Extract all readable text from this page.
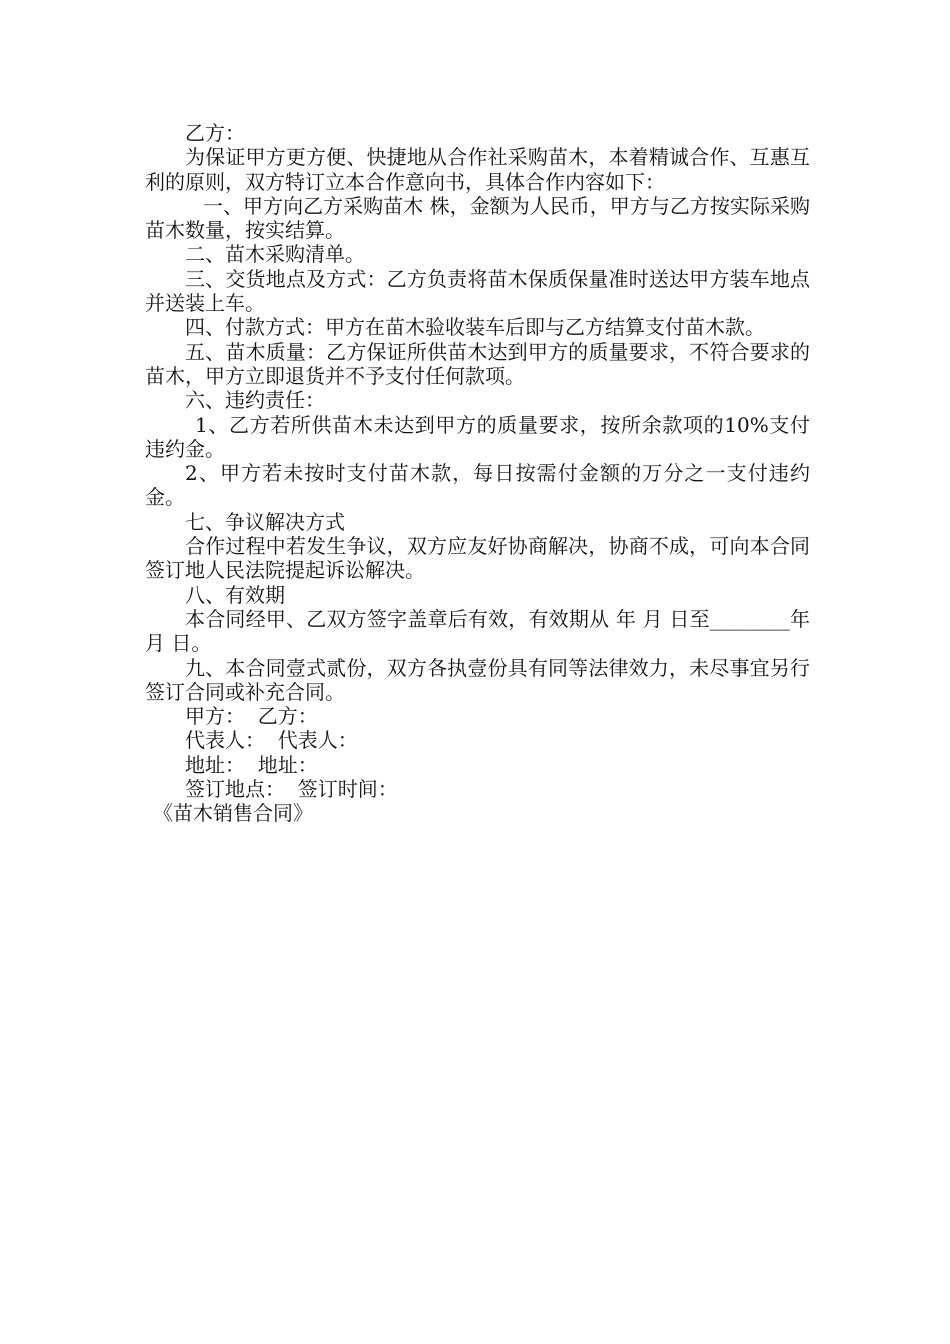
乙方：

为保证甲方更方便、快捷地从合作社采购苗木，本着精诚合作、互惠互利的原则，双方特订立本合作意向书，具体合作内容如下：

一、甲方向乙方采购苗木 株，金额为人民币，甲方与乙方按实际采购苗木数量，按实结算。

二、苗木采购清单。

三、交货地点及方式：乙方负责将苗木保质保量准时送达甲方装车地点并送装上车。

四、付款方式：甲方在苗木验收装车后即与乙方结算支付苗木款。

五、苗木质量：乙方保证所供苗木达到甲方的质量要求，不符合要求的苗木，甲方立即退货并不予支付任何款项。

六、违约责任：

1、乙方若所供苗木未达到甲方的质量要求，按所余款项的10%支付违约金。

2、甲方若未按时支付苗木款，每日按需付金额的万分之一支付违约金。

七、争议解决方式

合作过程中若发生争议，双方应友好协商解决，协商不成，可向本合同签订地人民法院提起诉讼解决。

八、有效期

本合同经甲、乙双方签字盖章后有效，有效期从 年 月 日至________年 月 日。

九、本合同壹式贰份，双方各执壹份具有同等法律效力，未尽事宜另行签订合同或补充合同。

甲方：  乙方：

代表人：  代表人：

地址：  地址：

签订地点：  签订时间：

《苗木销售合同》
